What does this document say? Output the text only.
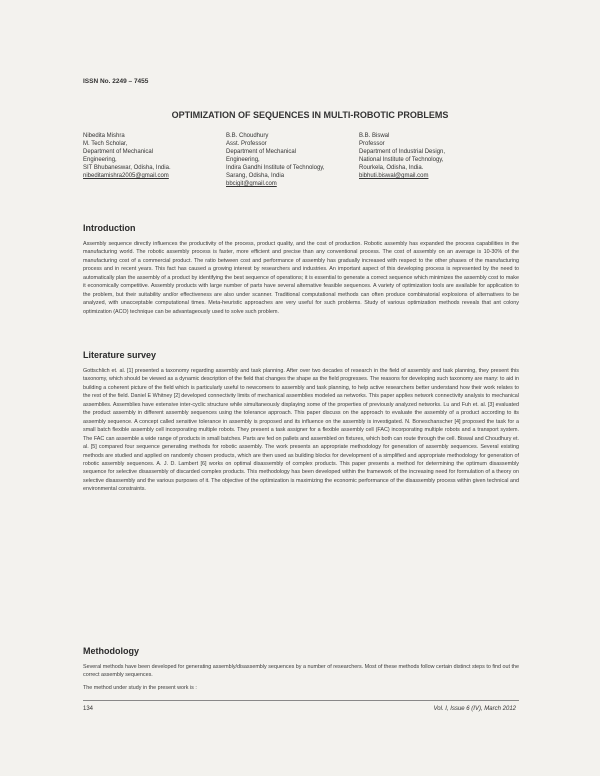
ISSN No. 2249 – 7455
OPTIMIZATION OF SEQUENCES IN MULTI-ROBOTIC PROBLEMS
Nibedita Mishra
M. Tech Scholar,
Department of Mechanical
Engineering,
SIT Bhubaneswar, Odisha, India.
nibeditamishra2005@gmail.com
B.B. Choudhury
Asst. Professor
Department of Mechanical
Engineering,
Indira Gandhi Institute of Technology,
Sarang, Odisha, India
bbcigit@gmail.com
B.B. Biswal
Professor
Department of Industrial Design,
National Institute of Technology,
Rourkela, Odisha, India.
bibhuti.biswal@gmail.com
Introduction
Assembly sequence directly influences the productivity of the process, product quality, and the cost of production. Robotic assembly has expanded the process capabilities in the manufacturing world. The robotic assembly process is faster, more efficient and precise than any conventional process. The cost of assembly on an average is 10-30% of the manufacturing cost of a commercial product. The ratio between cost and performance of assembly has gradually increased with respect to the other phases of the manufacturing process and in recent years. This fact has caused a growing interest by researchers and industries. An important aspect of this developing process is represented by the need to automatically plan the assembly of a product by identifying the best sequence of operations; it is essential to generate a correct sequence which minimizes the assembly cost to make it economically competitive. Assembly products with large number of parts have several alternative feasible sequences. A variety of optimization tools are available for application to the problem, but their suitability and/or effectiveness are also under scanner. Traditional computational methods can often produce combinatorial explosions of alternatives to be analyzed, with unacceptable computational times. Meta-heuristic approaches are very useful for such problems. Study of various optimization methods reveals that ant colony optimization (ACO) technique can be advantageously used to solve such problem.
Literature survey
Gottschlich et. al. [1] presented a taxonomy regarding assembly and task planning. After over two decades of research in the field of assembly and task planning, they present this taxonomy, which should be viewed as a dynamic description of the field that changes the shape as the field progresses. The reasons for developing such taxonomy are many: to aid in building a coherent picture of the field which is particularly useful to newcomers to assembly and task planning, to help active researchers better understand how their work relates to the rest of the field. Daniel E Whitney [2] developed connectivity limits of mechanical assemblies modeled as networks. This paper applies network connectivity analysis to mechanical assemblies. Assemblies have extensive inter-cyclic structure while simultaneously displaying some of the properties of previously analyzed networks. Lu and Fuh et. al. [3] evaluated the product assembly in different assembly sequences using the tolerance approach. This paper discuss on the approach to evaluate the assembly of a product according to its assembly sequence. A concept called sensitive tolerance in assembly is proposed and its influence on the assembly is investigated. N. Boneschanscher [4] proposed the task for a small batch flexible assembly cell incorporating multiple robots. They present a task assigner for a flexible assembly cell (FAC) incorporating multiple robots and a transport system. The FAC can assemble a wide range of products in small batches. Parts are fed on pallets and assembled on fixtures, which both can route through the cell. Biswal and Choudhury et. al. [5] compared four sequence generating methods for robotic assembly. The work presents an appropriate methodology for generation of assembly sequences. Several existing methods are studied and applied on randomly chosen products, which are then used as building blocks for development of a simplified and appropriate methodology for generation of robotic assembly sequences. A. J. D. Lambert [6] works on optimal disassembly of complex products. This paper presents a method for determining the optimum disassembly sequence for selective disassembly of discarded complex products. This methodology has been developed within the framework of the increasing need for formulation of a theory on selective disassembly and the various purposes of it. The objective of the optimization is maximizing the economic performance of the disassembly process within given technical and environmental constraints.
Methodology
Several methods have been developed for generating assembly/disassembly sequences by a number of researchers. Most of these methods follow certain distinct steps to find out the correct assembly sequences.
The method under study in the present work is :
134	Vol. I, Issue 6 (IV), March 2012
